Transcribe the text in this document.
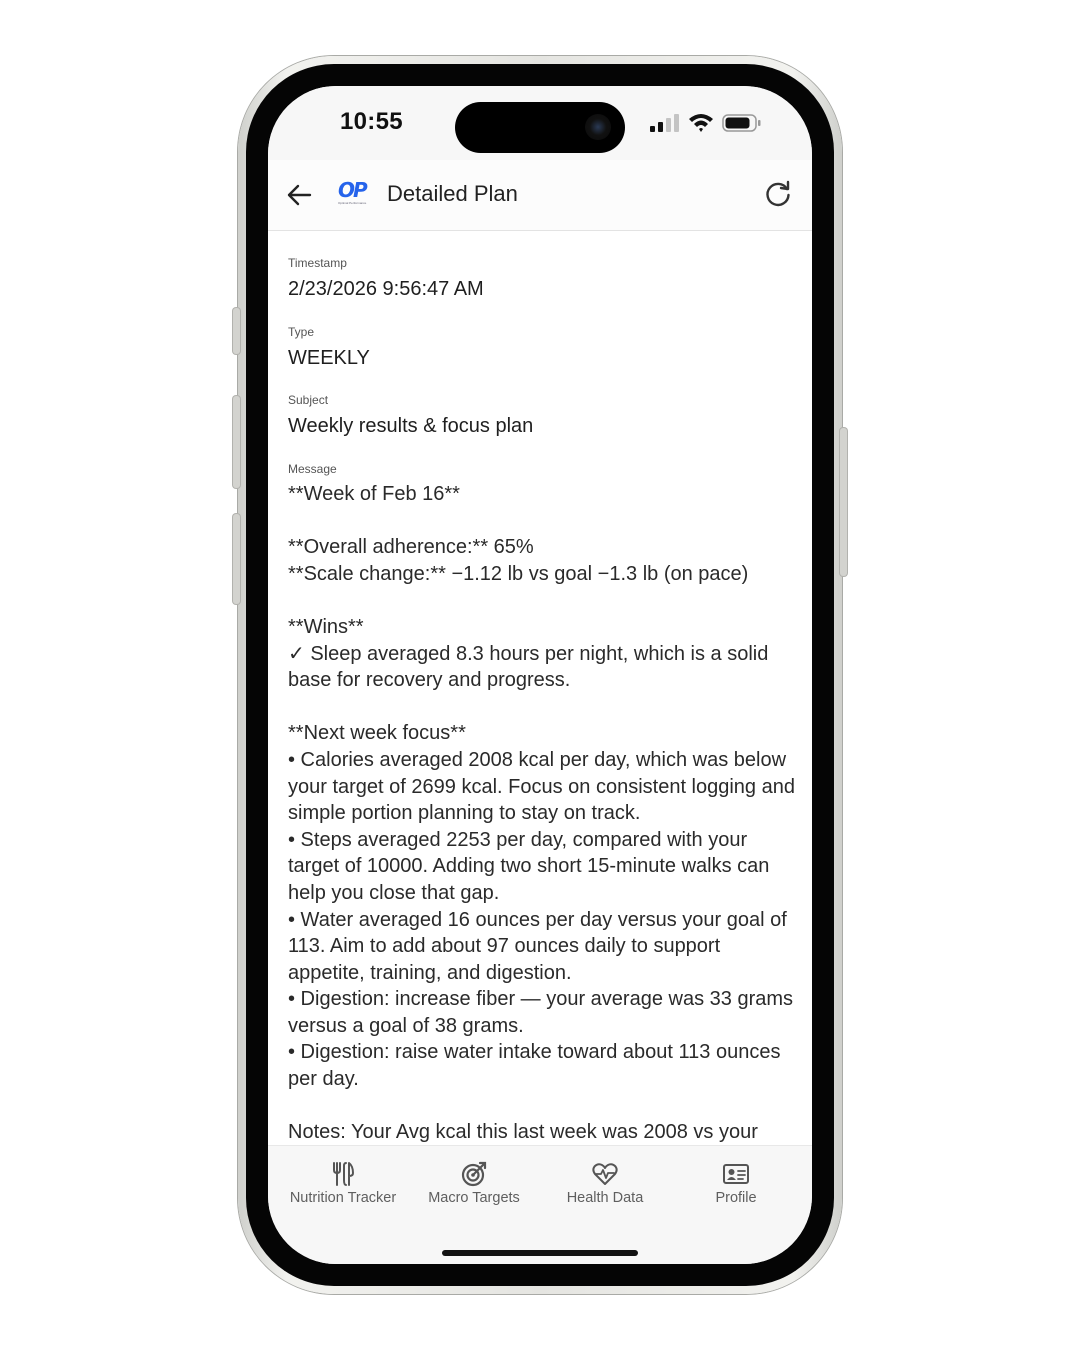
10:55
OP
Optimal Performance Detailed Plan
Timestamp
2/23/2026 9:56:47 AM
Type
WEEKLY
Subject
Weekly results & focus plan
Message
**Week of Feb 16**

**Overall adherence:** 65%
**Scale change:** −1.12 lb vs goal −1.3 lb (on pace)

**Wins**
✓ Sleep averaged 8.3 hours per night, which is a solid base for recovery and progress.

**Next week focus**
• Calories averaged 2008 kcal per day, which was below your target of 2699 kcal. Focus on consistent logging and simple portion planning to stay on track.
• Steps averaged 2253 per day, compared with your target of 10000. Adding two short 15-minute walks can help you close that gap.
• Water averaged 16 ounces per day versus your goal of 113. Aim to add about 97 ounces daily to support appetite, training, and digestion.
• Digestion: increase fiber — your average was 33 grams versus a goal of 38 grams.
• Digestion: raise water intake toward about 113 ounces per day.

Notes: Your Avg kcal this last week was 2008 vs your
Nutrition Tracker	Macro Targets	Health Data	Profile
